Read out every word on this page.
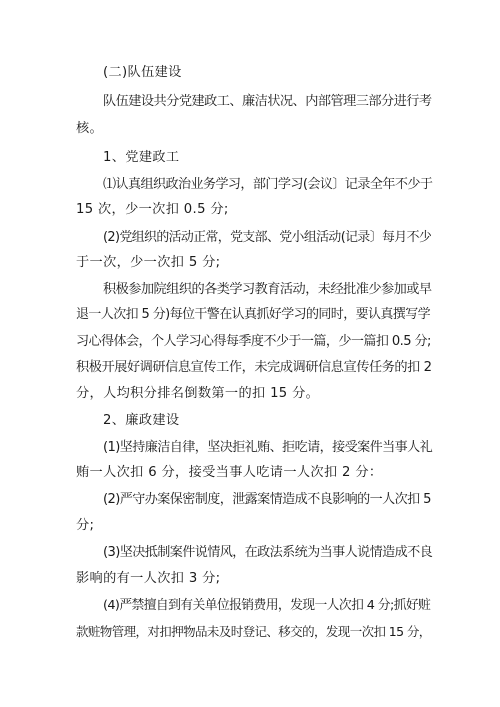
(二)队伍建设

队伍建设共分党建政工、廉洁状况、内部管理三部分进行考

核。

1、党建政工

⑴认真组织政治业务学习，部门学习(会议〕记录全年不少于

15 次，少一次扣 0.5 分;

(2)党组织的活动正常，党支部、党小组活动(记录〕每月不少

于一次，少一次扣 5 分;

积极参加院组织的各类学习教育活动，未经批准少参加或早

退一人次扣 5 分)每位干警在认真抓好学习的同时，要认真撰写学

习心得体会，个人学习心得每季度不少于一篇，少一篇扣 0.5 分;

积极开展好调研信息宣传工作，未完成调研信息宣传任务的扣 2

分，人均积分排名倒数第一的扣 15 分。

2、廉政建设

(1)坚持廉洁自律，坚决拒礼贿、拒吃请，接受案件当事人礼

贿一人次扣 6 分，接受当事人吃请一人次扣 2 分：

(2)严守办案保密制度，泄露案情造成不良影响的一人次扣 5

分;

(3)坚决抵制案件说情风，在政法系统为当事人说情造成不良

影响的有一人次扣 3 分;

(4)严禁擅自到有关单位报销费用，发现一人次扣 4 分;抓好赃

款赃物管理，对扣押物品未及时登记、移交的，发现一次扣 15 分，
